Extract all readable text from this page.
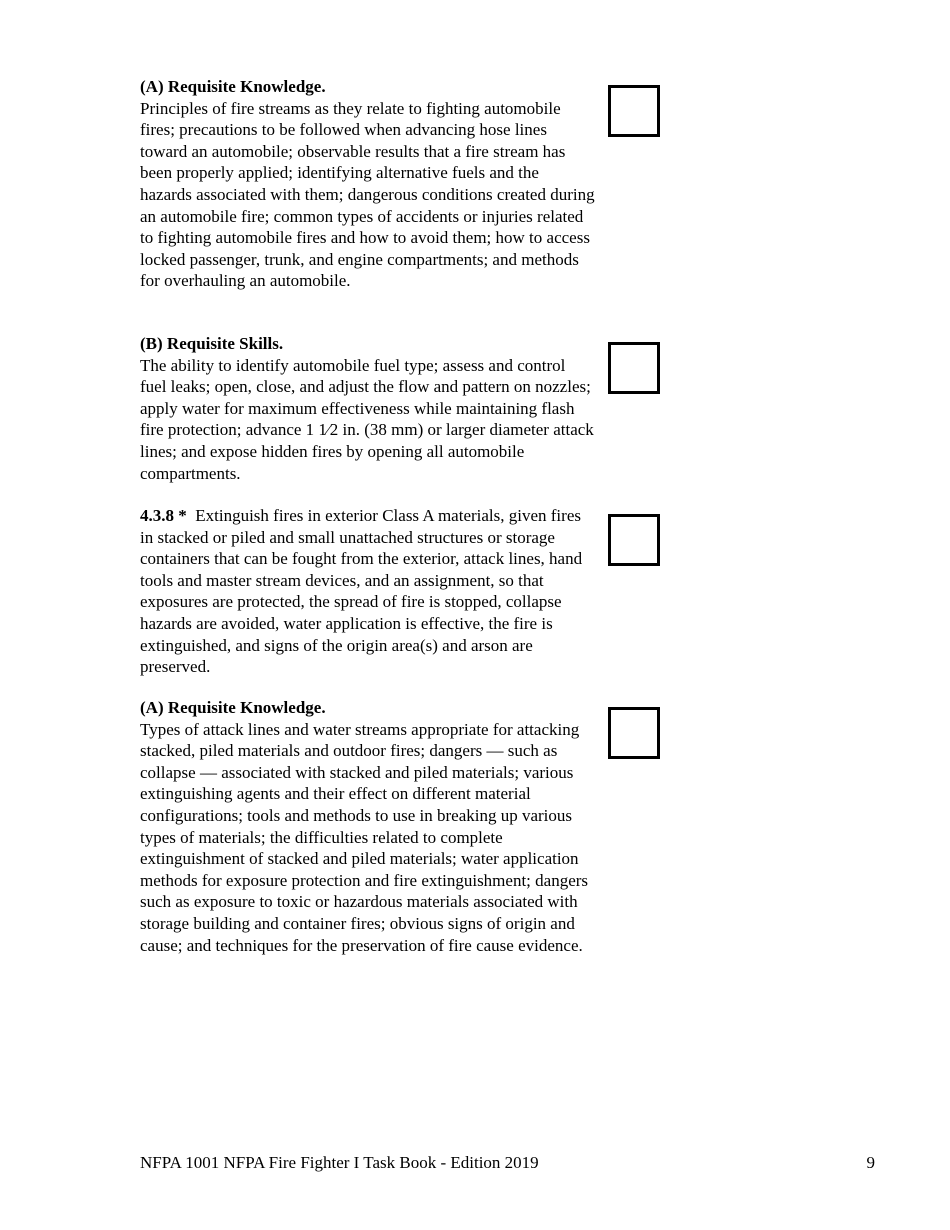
(A) Requisite Knowledge.
Principles of fire streams as they relate to fighting automobile fires; precautions to be followed when advancing hose lines toward an automobile; observable results that a fire stream has been properly applied; identifying alternative fuels and the hazards associated with them; dangerous conditions created during an automobile fire; common types of accidents or injuries related to fighting automobile fires and how to avoid them; how to access locked passenger, trunk, and engine compartments; and methods for overhauling an automobile.
(B) Requisite Skills.
The ability to identify automobile fuel type; assess and control fuel leaks; open, close, and adjust the flow and pattern on nozzles; apply water for maximum effectiveness while maintaining flash fire protection; advance 1 1⁄2 in. (38 mm) or larger diameter attack lines; and expose hidden fires by opening all automobile compartments.
4.3.8 * Extinguish fires in exterior Class A materials, given fires in stacked or piled and small unattached structures or storage containers that can be fought from the exterior, attack lines, hand tools and master stream devices, and an assignment, so that exposures are protected, the spread of fire is stopped, collapse hazards are avoided, water application is effective, the fire is extinguished, and signs of the origin area(s) and arson are preserved.
(A) Requisite Knowledge.
Types of attack lines and water streams appropriate for attacking stacked, piled materials and outdoor fires; dangers — such as collapse — associated with stacked and piled materials; various extinguishing agents and their effect on different material configurations; tools and methods to use in breaking up various types of materials; the difficulties related to complete extinguishment of stacked and piled materials; water application methods for exposure protection and fire extinguishment; dangers such as exposure to toxic or hazardous materials associated with storage building and container fires; obvious signs of origin and cause; and techniques for the preservation of fire cause evidence.
NFPA 1001 NFPA Fire Fighter I Task Book - Edition 2019	9
